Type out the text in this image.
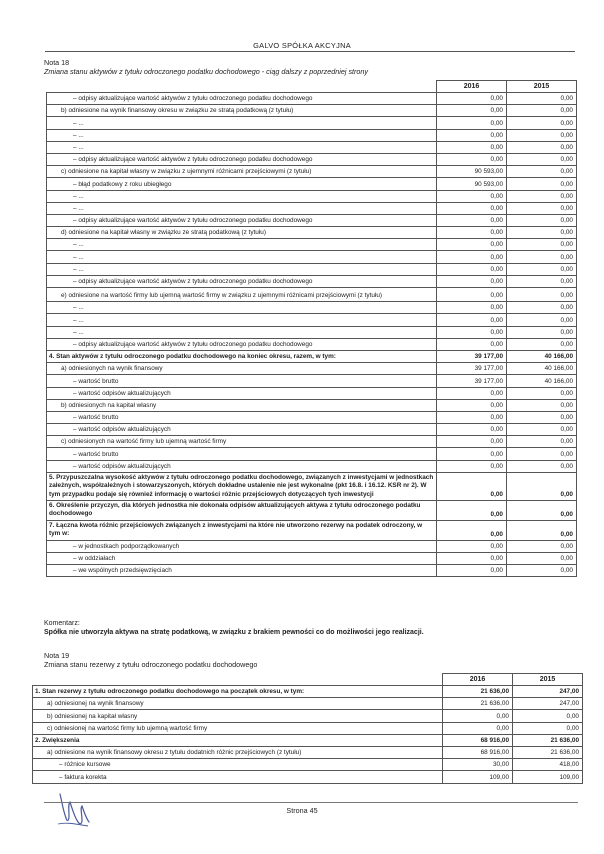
GALVO SPÓŁKA AKCYJNA
Nota 18
Zmiana stanu aktywów z tytułu odroczonego podatku dochodowego - ciąg dalszy z poprzedniej strony
	2016	2015
– odpisy aktualizujące wartość aktywów z tytułu odroczonego podatku dochodowego	0,00	0,00
b) odniesione na wynik finansowy okresu w związku ze stratą podatkową (z tytułu)	0,00	0,00
– ...	0,00	0,00
– ...	0,00	0,00
– ...	0,00	0,00
– odpisy aktualizujące wartość aktywów z tytułu odroczonego podatku dochodowego	0,00	0,00
c) odniesione na kapitał własny w związku z ujemnymi różnicami przejściowymi (z tytułu)	90 593,00	0,00
– błąd podatkowy z roku ubiegłego	90 593,00	0,00
– ...	0,00	0,00
– ...	0,00	0,00
– odpisy aktualizujące wartość aktywów z tytułu odroczonego podatku dochodowego	0,00	0,00
d) odniesione na kapitał własny w związku ze stratą podatkową (z tytułu)	0,00	0,00
– ...	0,00	0,00
– ...	0,00	0,00
– ...	0,00	0,00
– odpisy aktualizujące wartość aktywów z tytułu odroczonego podatku dochodowego	0,00	0,00
e) odniesione na wartość firmy lub ujemną wartość firmy w związku z ujemnymi różnicami przejściowymi (z tytułu)	0,00	0,00
– ...	0,00	0,00
– ...	0,00	0,00
– ...	0,00	0,00
– odpisy aktualizujące wartość aktywów z tytułu odroczonego podatku dochodowego	0,00	0,00
4. Stan aktywów z tytułu odroczonego podatku dochodowego na koniec okresu, razem, w tym:	39 177,00	40 166,00
a) odniesionych na wynik finansowy	39 177,00	40 166,00
– wartość brutto	39 177,00	40 166,00
– wartość odpisów aktualizujących	0,00	0,00
b) odniesionych na kapitał własny	0,00	0,00
– wartość brutto	0,00	0,00
– wartość odpisów aktualizujących	0,00	0,00
c) odniesionych na wartość firmy lub ujemną wartość firmy	0,00	0,00
– wartość brutto	0,00	0,00
– wartość odpisów aktualizujących	0,00	0,00
5. Przypuszczalna wysokość aktywów z tytułu odroczonego podatku dochodowego, związanych z inwestycjami w jednostkach zależnych, współzależnych i stowarzyszonych, których dokładne ustalenie nie jest wykonalne (pkt 16.8. i 16.12. KSR nr 2). W tym przypadku podaje się również informację o wartości różnic przejściowych dotyczących tych inwestycji	0,00	0,00
6. Określenie przyczyn, dla których jednostka nie dokonała odpisów aktualizujących aktywa z tytułu odroczonego podatku dochodowego	0,00	0,00
7. Łączna kwota różnic przejściowych związanych z inwestycjami na które nie utworzono rezerwy na podatek odroczony, w tym w:	0,00	0,00
– w jednostkach podporządkowanych	0,00	0,00
– w oddziałach	0,00	0,00
– we wspólnych przedsięwzięciach	0,00	0,00
Komentarz:
Spółka nie utworzyła aktywa na stratę podatkową, w związku z brakiem pewności co do możliwości jego realizacji.
Nota 19
Zmiana stanu rezerwy z tytułu odroczonego podatku dochodowego
	2016	2015
1. Stan rezerwy z tytułu odroczonego podatku dochodowego na początek okresu, w tym:	21 636,00	247,00
a) odniesionej na wynik finansowy	21 636,00	247,00
b) odniesionej na kapitał własny	0,00	0,00
c) odniesionej na wartość firmy lub ujemną wartość firmy	0,00	0,00
2. Zwiększenia	68 916,00	21 636,00
a) odniesione na wynik finansowy okresu z tytułu dodatnich różnic przejściowych (z tytułu)	68 916,00	21 636,00
– różnice kursowe	30,00	418,00
– faktura korekta	109,00	109,00
Strona 45
